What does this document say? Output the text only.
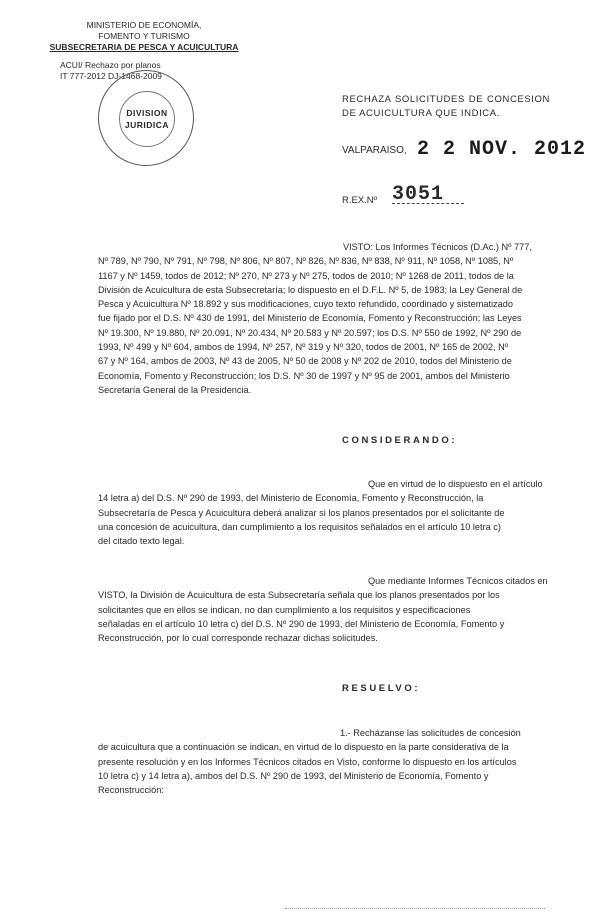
MINISTERIO DE ECONOMÍA,
FOMENTO Y TURISMO
SUBSECRETARIA DE PESCA Y ACUICULTURA
ACUI/ Rechazo por planos
IT 777-2012 DJ-1468-2009
DIVISION
JURIDICA
RECHAZA SOLICITUDES DE CONCESION DE ACUICULTURA QUE INDICA.
VALPARAISO, 2 2 NOV. 2012
R.EX.Nº 3051
VISTO: Los Informes Técnicos (D.Ac.) Nº 777,
Nº 789, Nº 790, Nº 791, Nº 798, Nº 806, Nº 807, Nº 826, Nº 836, Nº 838, Nº 911, Nº 1058, Nº 1085, Nº
1167 y Nº 1459, todos de 2012; Nº 270, Nº 273 y Nº 275, todos de 2010; Nº 1268 de 2011, todos de la
División de Acuicultura de esta Subsecretaría; lo dispuesto en el D.F.L. Nº 5, de 1983; la Ley General de
Pesca y Acuicultura Nº 18.892 y sus modificaciones, cuyo texto refundido, coordinado y sistematizado
fue fijado por el D.S. Nº 430 de 1991, del Ministerio de Economía, Fomento y Reconstrucción; las Leyes
Nº 19.300, Nº 19.880, Nº 20.091, Nº 20.434, Nº 20.583 y Nº 20.597; los D.S. Nº 550 de 1992, Nº 290 de
1993, Nº 499 y Nº 604, ambos de 1994, Nº 257, Nº 319 y Nº 320, todos de 2001, Nº 165 de 2002, Nº
67 y Nº 164, ambos de 2003, Nº 43 de 2005, Nº 50 de 2008 y Nº 202 de 2010, todos del Ministerio de
Economía, Fomento y Reconstrucción; los D.S. Nº 30 de 1997 y Nº 95 de 2001, ambos del Ministerio
Secretaría General de la Presidencia.
CONSIDERANDO:
Que en virtud de lo dispuesto en el artículo
14 letra a) del D.S. Nº 290 de 1993, del Ministerio de Economía, Fomento y Reconstrucción, la
Subsecretaría de Pesca y Acuicultura deberá analizar si los planos presentados por el solicitante de
una concesión de acuicultura, dan cumplimiento a los requisitos señalados en el artículo 10 letra c)
del citado texto legal.
Que mediante Informes Técnicos citados en
VISTO, la División de Acuicultura de esta Subsecretaría señala que los planos presentados por los
solicitantes que en ellos se indican, no dan cumplimiento a los requisitos y especificaciones
señaladas en el artículo 10 letra c) del D.S. Nº 290 de 1993, del Ministerio de Economía, Fomento y
Reconstrucción, por lo cual corresponde rechazar dichas solicitudes.
RESUELVO:
1.- Recházanse las solicitudes de concesión
de acuicultura que a continuación se indican, en virtud de lo dispuesto en la parte considerativa de la
presente resolución y en los Informes Técnicos citados en Visto, conforme lo dispuesto en los artículos
10 letra c) y 14 letra a), ambos del D.S. Nº 290 de 1993, del Ministerio de Economía, Fomento y
Reconstrucción:
